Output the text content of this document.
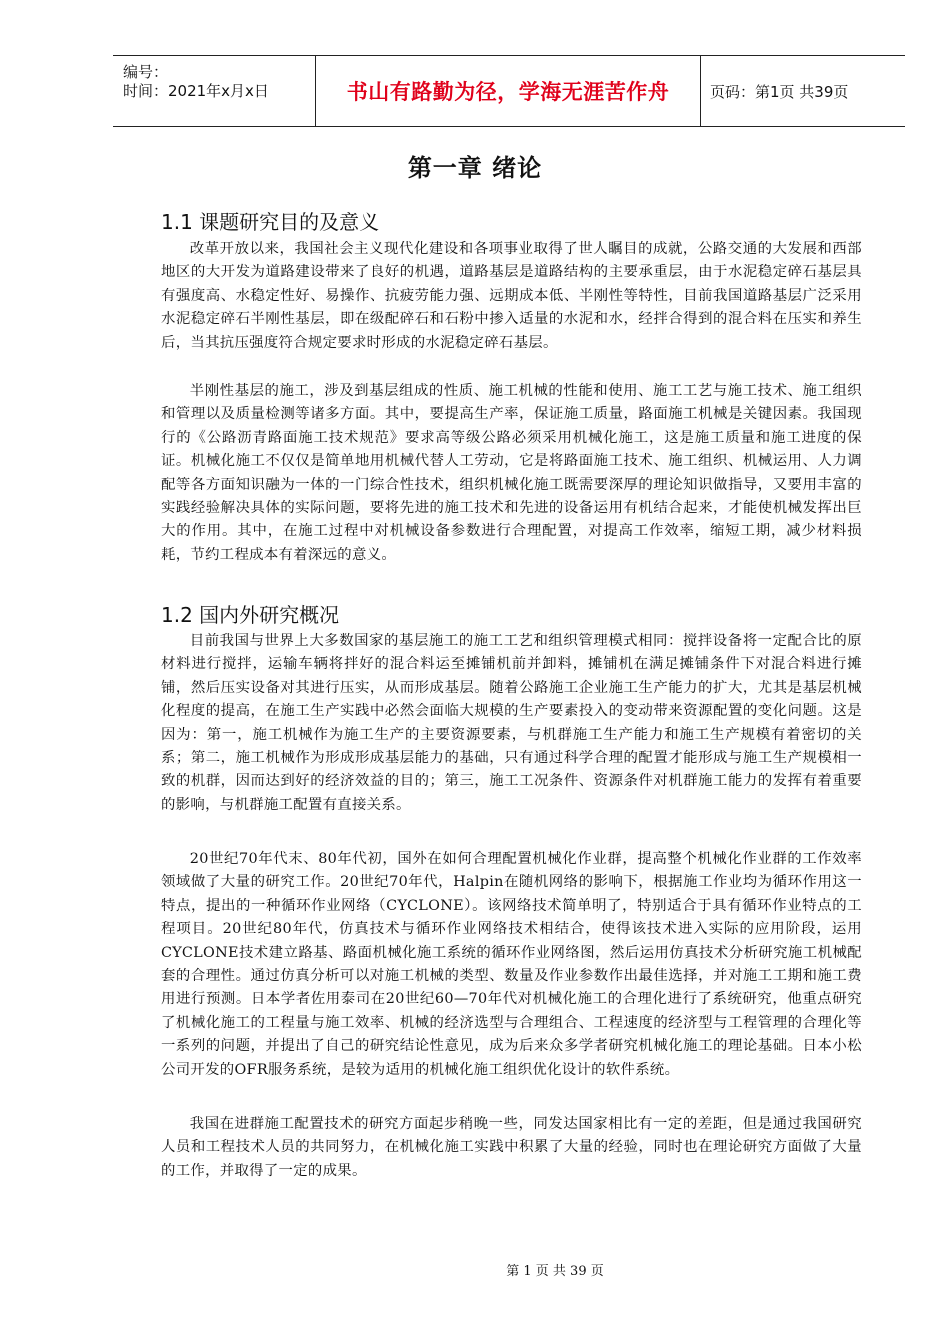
编号：
时间：2021年x月x日	书山有路勤为径，学海无涯苦作舟	页码：第1页 共39页
第一章 绪论
1.1 课题研究目的及意义

改革开放以来，我国社会主义现代化建设和各项事业取得了世人瞩目的成就，公路交通的大发展和西部地区的大开发为道路建设带来了良好的机遇，道路基层是道路结构的主要承重层，由于水泥稳定碎石基层具有强度高、水稳定性好、易操作、抗疲劳能力强、远期成本低、半刚性等特性，目前我国道路基层广泛采用水泥稳定碎石半刚性基层，即在级配碎石和石粉中掺入适量的水泥和水，经拌合得到的混合料在压实和养生后，当其抗压强度符合规定要求时形成的水泥稳定碎石基层。

半刚性基层的施工，涉及到基层组成的性质、施工机械的性能和使用、施工工艺与施工技术、施工组织和管理以及质量检测等诸多方面。其中，要提高生产率，保证施工质量，路面施工机械是关键因素。我国现行的《公路沥青路面施工技术规范》要求高等级公路必须采用机械化施工，这是施工质量和施工进度的保证。机械化施工不仅仅是简单地用机械代替人工劳动，它是将路面施工技术、施工组织、机械运用、人力调配等各方面知识融为一体的一门综合性技术，组织机械化施工既需要深厚的理论知识做指导，又要用丰富的实践经验解决具体的实际问题，要将先进的施工技术和先进的设备运用有机结合起来，才能使机械发挥出巨大的作用。其中，在施工过程中对机械设备参数进行合理配置，对提高工作效率，缩短工期，减少材料损耗，节约工程成本有着深远的意义。

1.2 国内外研究概况

目前我国与世界上大多数国家的基层施工的施工工艺和组织管理模式相同：搅拌设备将一定配合比的原材料进行搅拌，运输车辆将拌好的混合料运至摊铺机前并卸料，摊铺机在满足摊铺条件下对混合料进行摊铺，然后压实设备对其进行压实，从而形成基层。随着公路施工企业施工生产能力的扩大，尤其是基层机械化程度的提高，在施工生产实践中必然会面临大规模的生产要素投入的变动带来资源配置的变化问题。这是因为：第一，施工机械作为施工生产的主要资源要素，与机群施工生产能力和施工生产规模有着密切的关系；第二，施工机械作为形成形成基层能力的基础，只有通过科学合理的配置才能形成与施工生产规模相一致的机群，因而达到好的经济效益的目的；第三，施工工况条件、资源条件对机群施工能力的发挥有着重要的影响，与机群施工配置有直接关系。

20世纪70年代末、80年代初，国外在如何合理配置机械化作业群，提高整个机械化作业群的工作效率领域做了大量的研究工作。20世纪70年代，Halpin在随机网络的影响下，根据施工作业均为循环作用这一特点，提出的一种循环作业网络（CYCLONE）。该网络技术简单明了，特别适合于具有循环作业特点的工程项目。20世纪80年代，仿真技术与循环作业网络技术相结合，使得该技术进入实际的应用阶段，运用CYCLONE技术建立路基、路面机械化施工系统的循环作业网络图，然后运用仿真技术分析研究施工机械配套的合理性。通过仿真分析可以对施工机械的类型、数量及作业参数作出最佳选择，并对施工工期和施工费用进行预测。日本学者佐用泰司在20世纪60—70年代对机械化施工的合理化进行了系统研究，他重点研究了机械化施工的工程量与施工效率、机械的经济选型与合理组合、工程速度的经济型与工程管理的合理化等一系列的问题，并提出了自己的研究结论性意见，成为后来众多学者研究机械化施工的理论基础。日本小松公司开发的OFR服务系统，是较为适用的机械化施工组织优化设计的软件系统。

我国在进群施工配置技术的研究方面起步稍晚一些，同发达国家相比有一定的差距，但是通过我国研究人员和工程技术人员的共同努力，在机械化施工实践中积累了大量的经验，同时也在理论研究方面做了大量的工作，并取得了一定的成果。

第 1 页 共 39 页
